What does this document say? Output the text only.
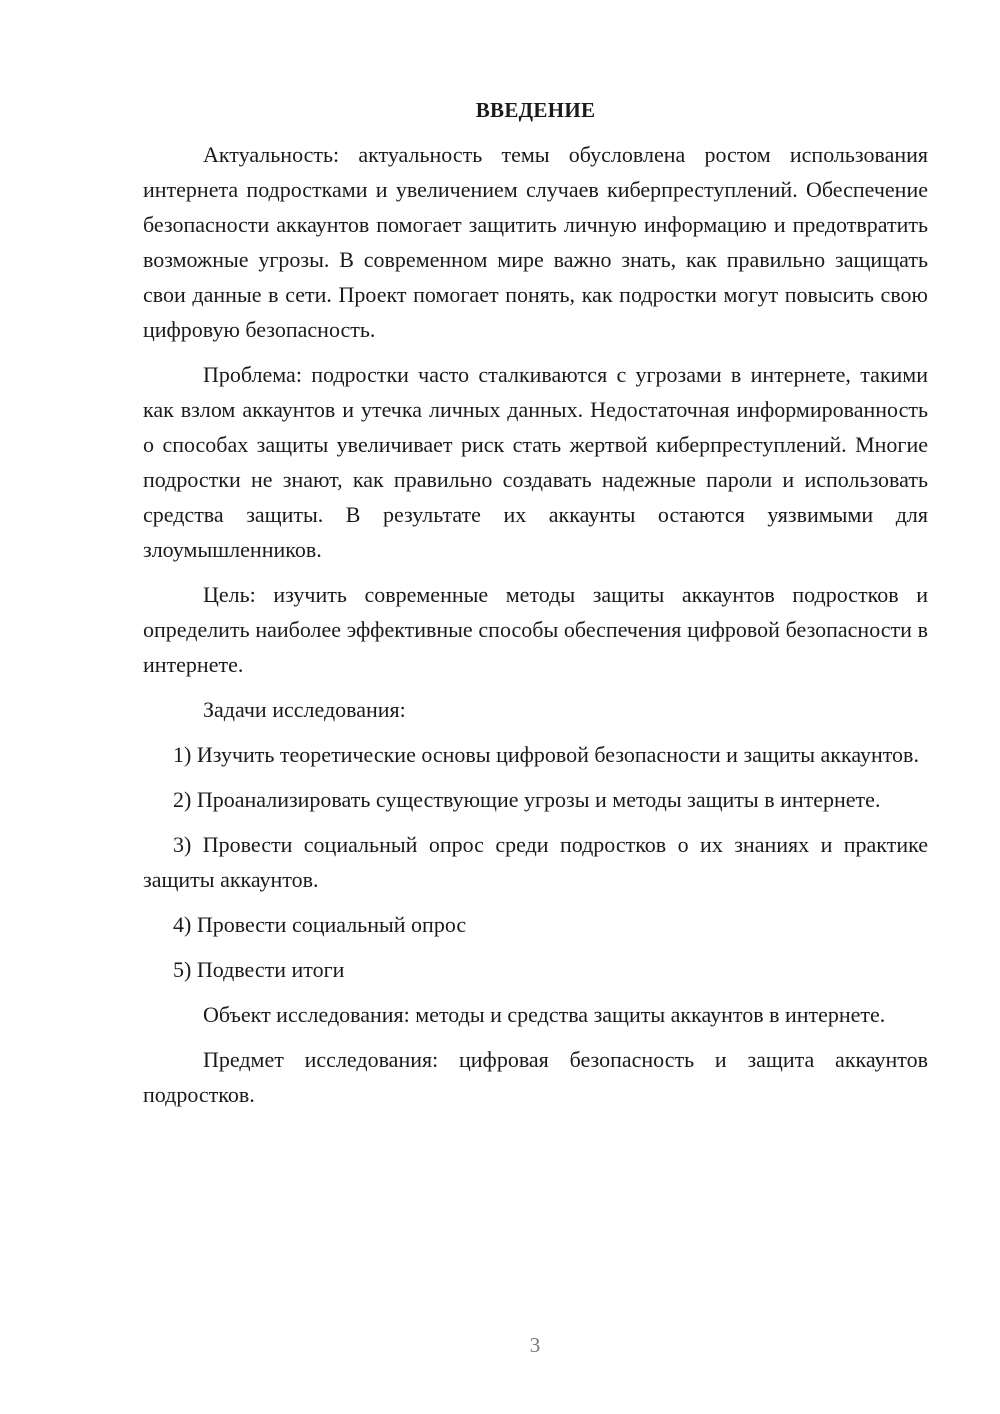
ВВЕДЕНИЕ

Актуальность: актуальность темы обусловлена ростом использования интернета подростками и увеличением случаев киберпреступлений. Обеспечение безопасности аккаунтов помогает защитить личную информацию и предотвратить возможные угрозы. В современном мире важно знать, как правильно защищать свои данные в сети. Проект помогает понять, как подростки могут повысить свою цифровую безопасность.

Проблема: подростки часто сталкиваются с угрозами в интернете, такими как взлом аккаунтов и утечка личных данных. Недостаточная информированность о способах защиты увеличивает риск стать жертвой киберпреступлений. Многие подростки не знают, как правильно создавать надежные пароли и использовать средства защиты. В результате их аккаунты остаются уязвимыми для злоумышленников.

Цель: изучить современные методы защиты аккаунтов подростков и определить наиболее эффективные способы обеспечения цифровой безопасности в интернете.

Задачи исследования:

1) Изучить теоретические основы цифровой безопасности и защиты аккаунтов.

2) Проанализировать существующие угрозы и методы защиты в интернете.

3) Провести социальный опрос среди подростков о их знаниях и практике защиты аккаунтов.

4) Провести социальный опрос

5) Подвести итоги

Объект исследования: методы и средства защиты аккаунтов в интернете.

Предмет исследования: цифровая безопасность и защита аккаунтов подростков.

3
